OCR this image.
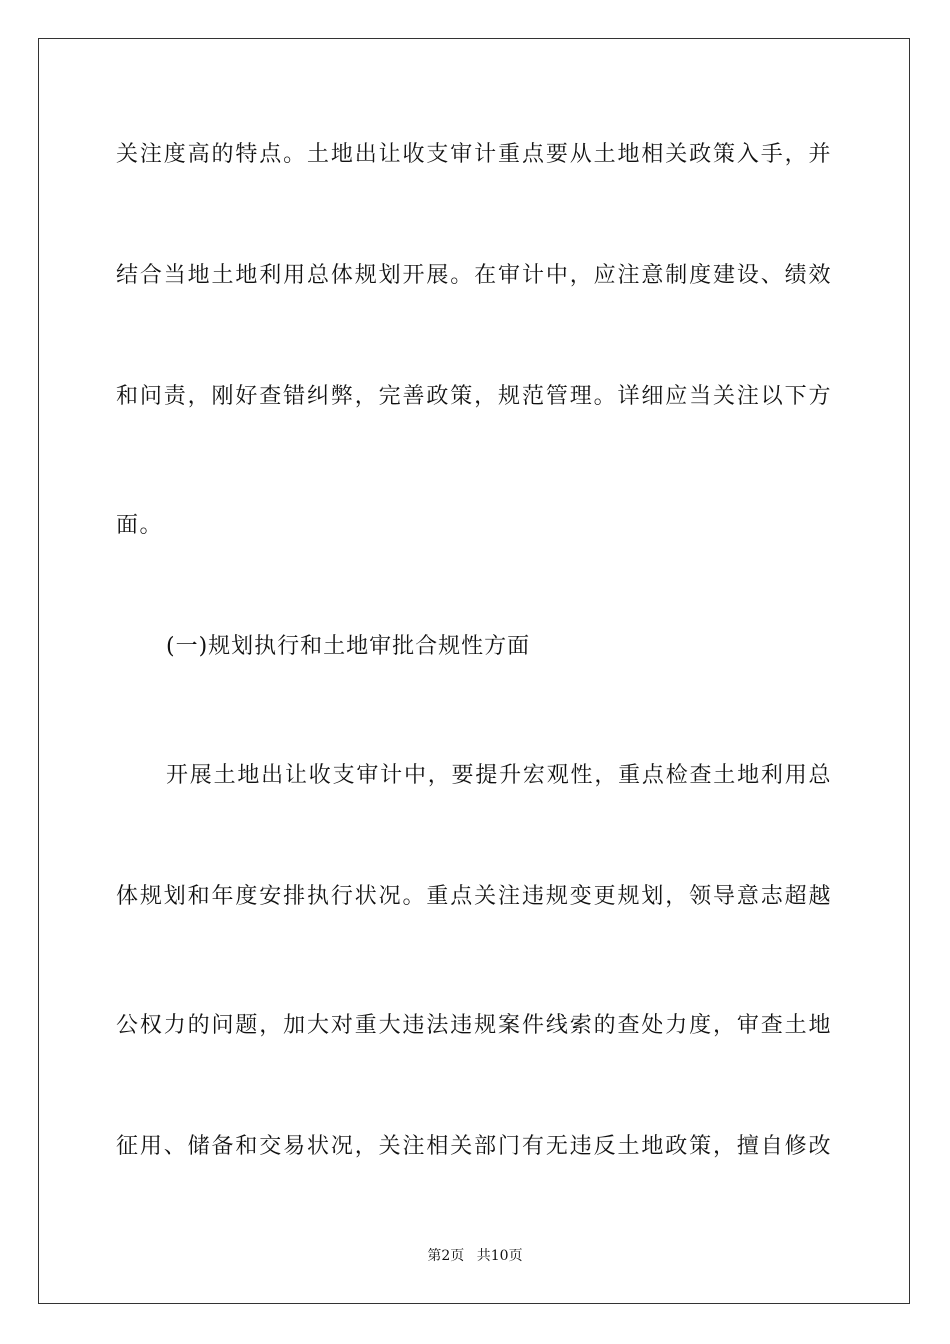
关注度高的特点。土地出让收支审计重点要从土地相关政策入手，并
结合当地土地利用总体规划开展。在审计中，应注意制度建设、绩效
和问责，刚好查错纠弊，完善政策，规范管理。详细应当关注以下方
面。
(一)规划执行和土地审批合规性方面
开展土地出让收支审计中，要提升宏观性，重点检查土地利用总
体规划和年度安排执行状况。重点关注违规变更规划，领导意志超越
公权力的问题，加大对重大违法违规案件线索的查处力度，审查土地
征用、储备和交易状况，关注相关部门有无违反土地政策，擅自修改
第2页 共10页
